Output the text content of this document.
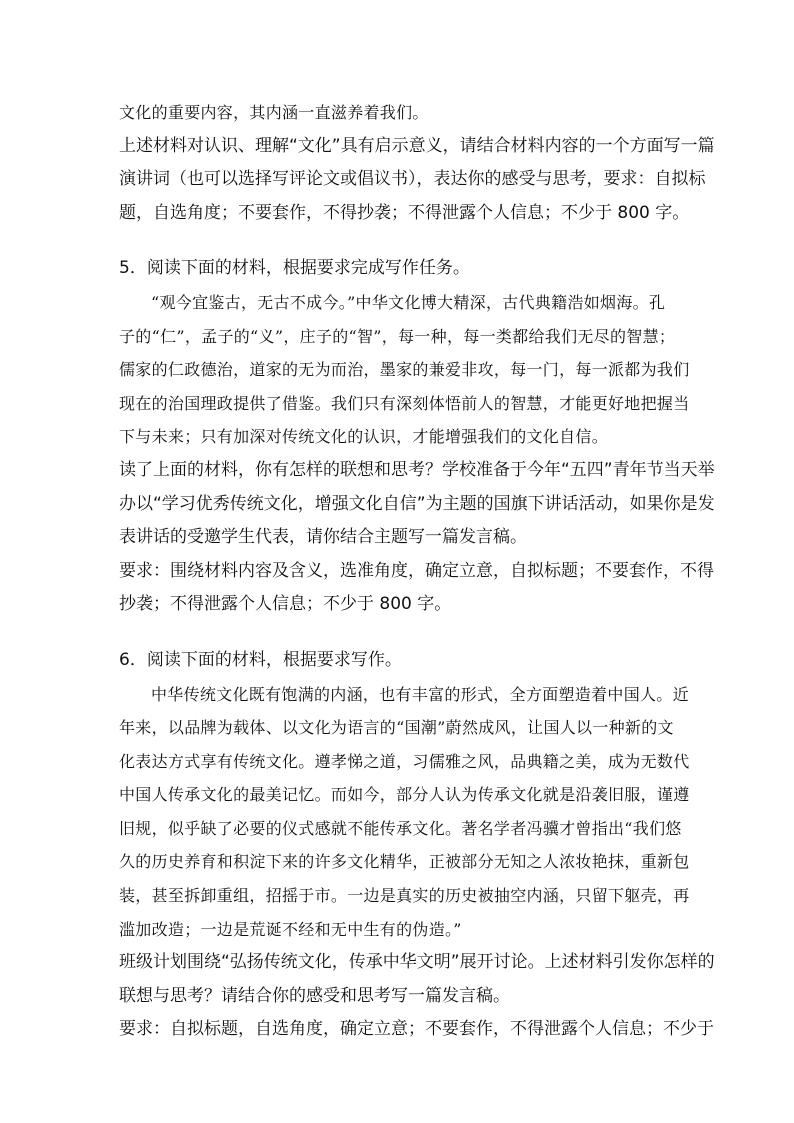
文化的重要内容，其内涵一直滋养着我们。
上述材料对认识、理解“文化”具有启示意义，请结合材料内容的一个方面写一篇
演讲词（也可以选择写评论文或倡议书），表达你的感受与思考，要求：自拟标
题，自选角度；不要套作，不得抄袭；不得泄露个人信息；不少于 800 字。
5．阅读下面的材料，根据要求完成写作任务。
“观今宜鉴古，无古不成今。”中华文化博大精深，古代典籍浩如烟海。孔
子的“仁”，孟子的“义”，庄子的“智”，每一种，每一类都给我们无尽的智慧；
儒家的仁政德治，道家的无为而治，墨家的兼爱非攻，每一门，每一派都为我们
现在的治国理政提供了借鉴。我们只有深刻体悟前人的智慧，才能更好地把握当
下与未来；只有加深对传统文化的认识，才能增强我们的文化自信。
读了上面的材料，你有怎样的联想和思考？学校准备于今年“五四”青年节当天举
办以“学习优秀传统文化，增强文化自信”为主题的国旗下讲话活动，如果你是发
表讲话的受邀学生代表，请你结合主题写一篇发言稿。
要求：围绕材料内容及含义，选准角度，确定立意，自拟标题；不要套作，不得
抄袭；不得泄露个人信息；不少于 800 字。
6．阅读下面的材料，根据要求写作。
中华传统文化既有饱满的内涵，也有丰富的形式，全方面塑造着中国人。近
年来，以品牌为载体、以文化为语言的“国潮”蔚然成风，让国人以一种新的文
化表达方式享有传统文化。遵孝悌之道，习儒雅之风，品典籍之美，成为无数代
中国人传承文化的最美记忆。而如今，部分人认为传承文化就是沿袭旧服，谨遵
旧规，似乎缺了必要的仪式感就不能传承文化。著名学者冯骥才曾指出“我们悠
久的历史养育和积淀下来的许多文化精华，正被部分无知之人浓妆艳抹，重新包
装，甚至拆卸重组，招摇于市。一边是真实的历史被抽空内涵，只留下躯壳，再
滥加改造；一边是荒诞不经和无中生有的伪造。”
班级计划围绕“弘扬传统文化，传承中华文明”展开讨论。上述材料引发你怎样的
联想与思考？请结合你的感受和思考写一篇发言稿。
要求：自拟标题，自选角度，确定立意；不要套作，不得泄露个人信息；不少于
